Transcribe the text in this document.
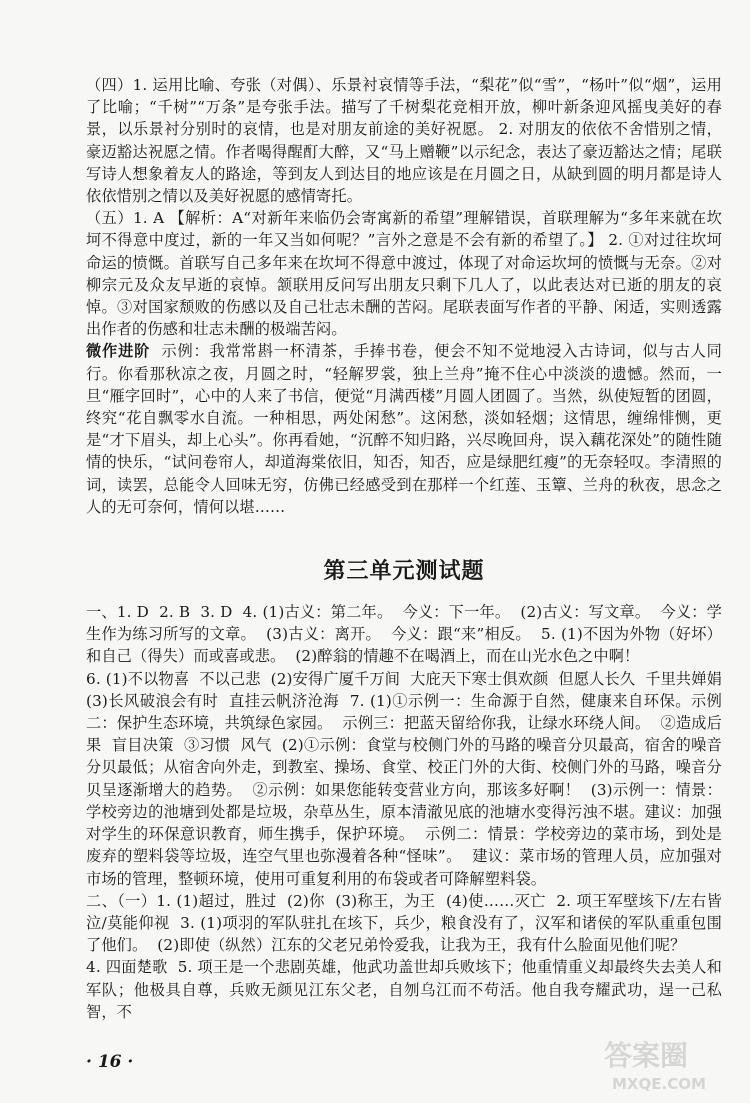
（四）1. 运用比喻、夸张（对偶）、乐景衬哀情等手法，“梨花”似“雪”，“杨叶”似“烟”，运用了比喻；“千树”“万条”是夸张手法。描写了千树梨花竞相开放，柳叶新条迎风摇曳美好的春景，以乐景衬分别时的哀情，也是对朋友前途的美好祝愿。 2. 对朋友的依依不舍惜别之情，豪迈豁达祝愿之情。作者喝得醒酊大醉，又“马上赠鞭”以示纪念，表达了豪迈豁达之情；尾联写诗人想象着友人的路途，等到友人到达目的地应该是在月圆之日，从缺到圆的明月都是诗人依依惜别之情以及美好祝愿的感情寄托。

（五）1. A 【解析：A“对新年来临仍会寄寓新的希望”理解错误，首联理解为“多年来就在坎坷不得意中度过，新的一年又当如何呢？”言外之意是不会有新的希望了。】 2. ①对过往坎坷命运的愤慨。首联写自己多年来在坎坷不得意中渡过，体现了对命运坎坷的愤慨与无奈。②对柳宗元及众友早逝的哀悼。颔联用反问写出朋友只剩下几人了，以此表达对已逝的朋友的哀悼。③对国家颓败的伤感以及自己壮志未酬的苦闷。尾联表面写作者的平静、闲适，实则透露出作者的伤感和壮志未酬的极端苦闷。

微作进阶  示例：我常常斟一杯清茶，手捧书卷，便会不知不觉地浸入古诗词，似与古人同行。你看那秋凉之夜，月圆之时，“轻解罗裳，独上兰舟”掩不住心中淡淡的遗憾。然而，一旦“雁字回时”，心中的人来了书信，便觉“月满西楼”月圆人团圆了。当然，纵使短暂的团圆，终究“花自飘零水自流。一种相思，两处闲愁”。这闲愁，淡如轻烟；这情思，缠绵悱恻，更是“才下眉头，却上心头”。你再看她，“沉醉不知归路，兴尽晚回舟，误入藕花深处”的随性随情的快乐，“试问卷帘人，却道海棠依旧，知否，知否，应是绿肥红瘦”的无奈轻叹。李清照的词，读罢，总能令人回味无穷，仿佛已经感受到在那样一个红莲、玉簟、兰舟的秋夜，思念之人的无可奈何，情何以堪……

第三单元测试题

一、1. D  2. B  3. D  4. (1)古义：第二年。  今义：下一年。  (2)古义：写文章。  今义：学生作为练习所写的文章。  (3)古义：离开。  今义：跟“来”相反。  5. (1)不因为外物（好坏）和自己（得失）而或喜或悲。  (2)醉翁的情趣不在喝酒上，而在山光水色之中啊！

6. (1)不以物喜  不以己悲  (2)安得广厦千万间  大庇天下寒士俱欢颜  但愿人长久  千里共婵娟  (3)长风破浪会有时  直挂云帆济沧海  7. (1)①示例一：生命源于自然，健康来自环保。示例二：保护生态环境，共筑绿色家园。  示例三：把蓝天留给你我，让绿水环绕人间。  ②造成后果  盲目决策  ③习惯  风气  (2)①示例：食堂与校侧门外的马路的噪音分贝最高，宿舍的噪音分贝最低；从宿舍向外走，到教室、操场、食堂、校正门外的大街、校侧门外的马路，噪音分贝呈逐渐增大的趋势。  ②示例：如果您能转变营业方向，那该多好啊！  (3)示例一：情景：学校旁边的池塘到处都是垃圾，杂草丛生，原本清澈见底的池塘水变得污浊不堪。建议：加强对学生的环保意识教育，师生携手，保护环境。  示例二：情景：学校旁边的菜市场，到处是废弃的塑料袋等垃圾，连空气里也弥漫着各种“怪味”。  建议：菜市场的管理人员，应加强对市场的管理，整顿环境，使用可重复利用的布袋或者可降解塑料袋。

二、（一）1. (1)超过，胜过  (2)你  (3)称王，为王  (4)使……灭亡  2. 项王军壁垓下/左右皆泣/莫能仰视  3. (1)项羽的军队驻扎在垓下，兵少，粮食没有了，汉军和诸侯的军队重重包围了他们。  (2)即使（纵然）江东的父老兄弟怜爱我，让我为王，我有什么脸面见他们呢？

4. 四面楚歌  5. 项王是一个悲剧英雄，他武功盖世却兵败垓下；他重情重义却最终失去美人和军队；他极具自尊，兵败无颜见江东父老，自刎乌江而不苟活。他自我夸耀武功，逞一己私智，不

· 16 ·	答案圈
MXQE.COM
